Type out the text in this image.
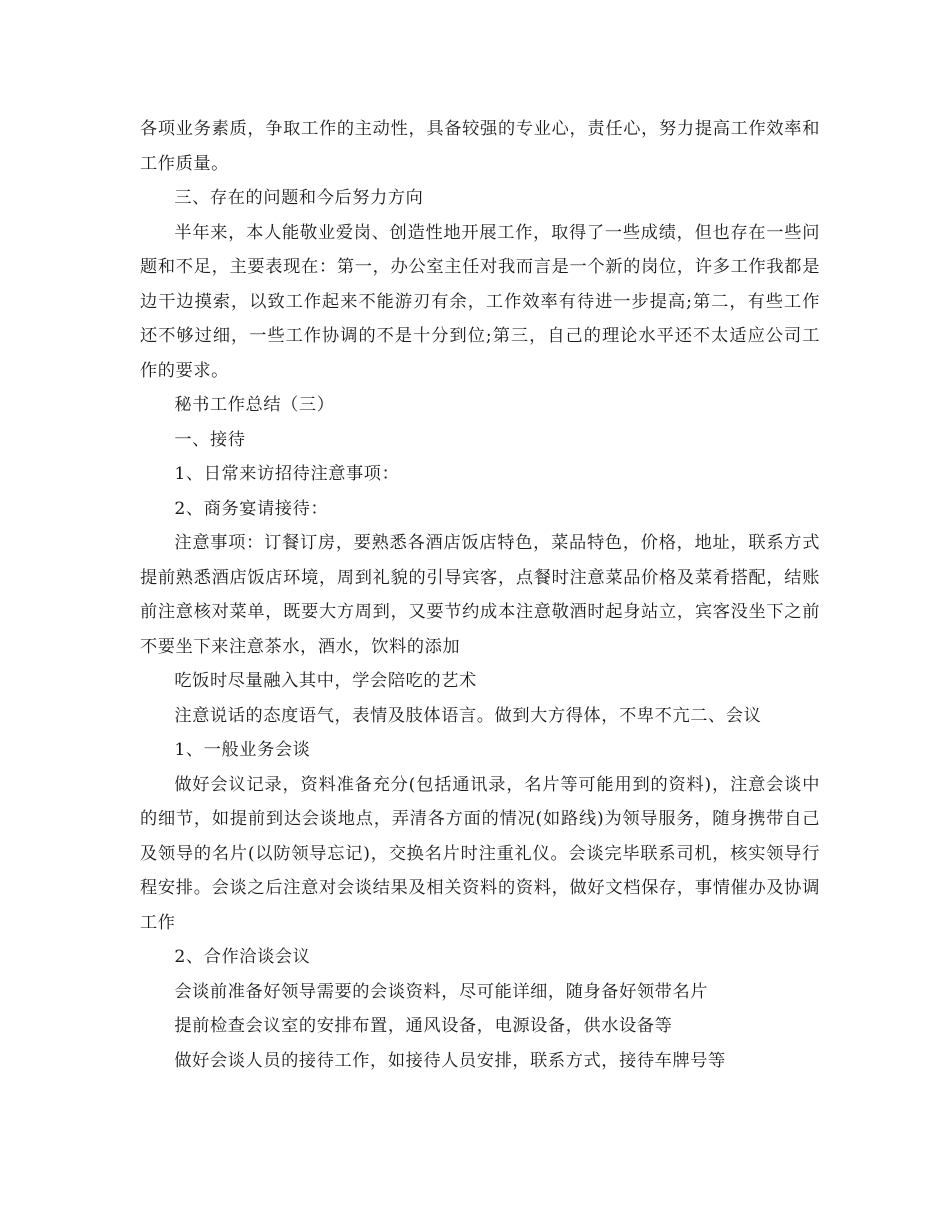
各项业务素质，争取工作的主动性，具备较强的专业心，责任心，努力提高工作效率和工作质量。

三、存在的问题和今后努力方向

半年来，本人能敬业爱岗、创造性地开展工作，取得了一些成绩，但也存在一些问题和不足，主要表现在：第一，办公室主任对我而言是一个新的岗位，许多工作我都是边干边摸索，以致工作起来不能游刃有余，工作效率有待进一步提高;第二，有些工作还不够过细，一些工作协调的不是十分到位;第三，自己的理论水平还不太适应公司工作的要求。

秘书工作总结（三）

一、接待

1、日常来访招待注意事项：

2、商务宴请接待：

注意事项：订餐订房，要熟悉各酒店饭店特色，菜品特色，价格，地址，联系方式提前熟悉酒店饭店环境，周到礼貌的引导宾客，点餐时注意菜品价格及菜肴搭配，结账前注意核对菜单，既要大方周到，又要节约成本注意敬酒时起身站立，宾客没坐下之前不要坐下来注意茶水，酒水，饮料的添加

吃饭时尽量融入其中，学会陪吃的艺术

注意说话的态度语气，表情及肢体语言。做到大方得体，不卑不亢二、会议

1、一般业务会谈

做好会议记录，资料准备充分(包括通讯录，名片等可能用到的资料)，注意会谈中的细节，如提前到达会谈地点，弄清各方面的情况(如路线)为领导服务，随身携带自己及领导的名片(以防领导忘记)，交换名片时注重礼仪。会谈完毕联系司机，核实领导行程安排。会谈之后注意对会谈结果及相关资料的资料，做好文档保存，事情催办及协调工作

2、合作洽谈会议

会谈前准备好领导需要的会谈资料，尽可能详细，随身备好领带名片

提前检查会议室的安排布置，通风设备，电源设备，供水设备等

做好会谈人员的接待工作，如接待人员安排，联系方式，接待车牌号等
